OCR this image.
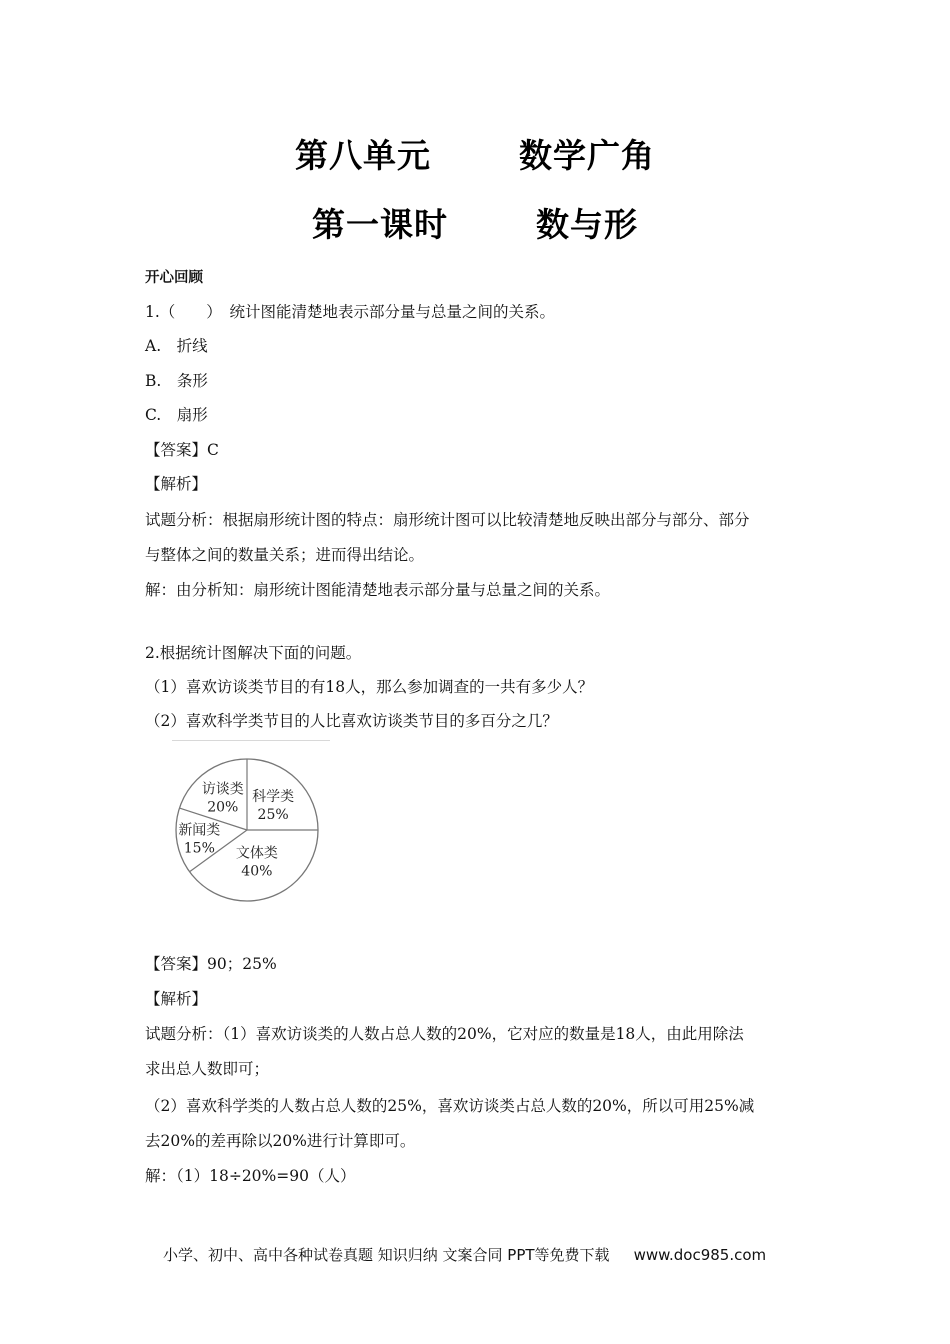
第八单元	数学广角
第一课时	数与形
开心回顾
1.（　　）　统计图能清楚地表示部分量与总量之间的关系。
A.　折线
B.　条形
C.　扇形
【答案】C
【解析】
试题分析：根据扇形统计图的特点：扇形统计图可以比较清楚地反映出部分与部分、部分
与整体之间的数量关系；进而得出结论。
解：由分析知：扇形统计图能清楚地表示部分量与总量之间的关系。
2.根据统计图解决下面的问题。
（1）喜欢访谈类节目的有18人，那么参加调查的一共有多少人？
（2）喜欢科学类节目的人比喜欢访谈类节目的多百分之几？
科学类
25%
文体类
40%
新闻类
15%
访谈类
20%
【答案】90；25%
【解析】
试题分析：（1）喜欢访谈类的人数占总人数的20%，它对应的数量是18人，由此用除法
求出总人数即可；
（2）喜欢科学类的人数占总人数的25%，喜欢访谈类占总人数的20%，所以可用25%减
去20%的差再除以20%进行计算即可。
解：（1）18÷20%=90（人）
小学、初中、高中各种试卷真题 知识归纳 文案合同 PPT等免费下载 www.doc985.com
